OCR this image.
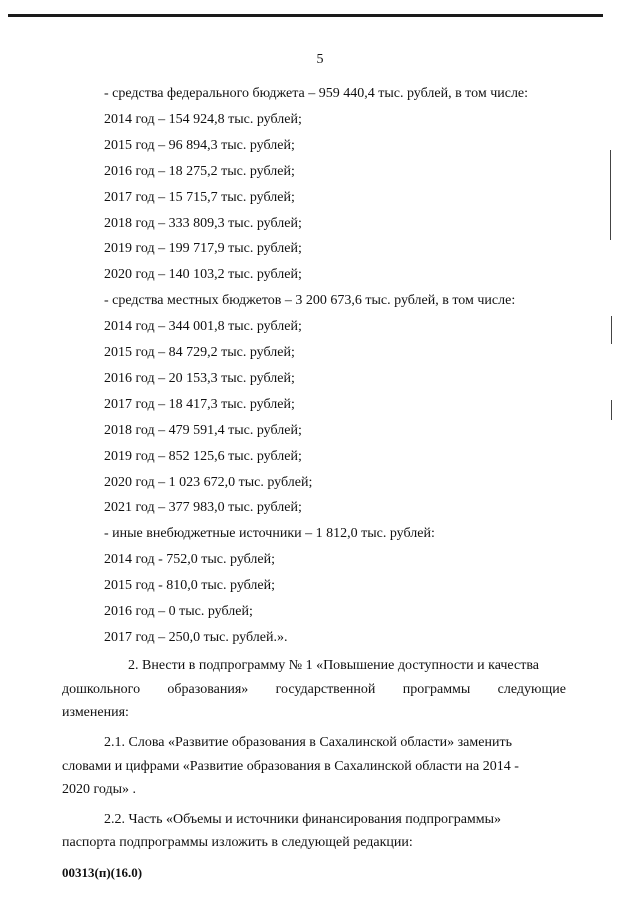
5
- средства федерального бюджета – 959 440,4 тыс. рублей, в том числе:
2014 год – 154 924,8 тыс. рублей;
2015 год – 96 894,3 тыс. рублей;
2016 год – 18 275,2 тыс. рублей;
2017 год – 15 715,7 тыс. рублей;
2018 год – 333 809,3 тыс. рублей;
2019 год – 199 717,9 тыс. рублей;
2020 год – 140 103,2 тыс. рублей;
- средства местных бюджетов – 3 200 673,6 тыс. рублей, в том числе:
2014 год – 344 001,8 тыс. рублей;
2015 год – 84 729,2 тыс. рублей;
2016 год – 20 153,3 тыс. рублей;
2017 год – 18 417,3 тыс. рублей;
2018 год – 479 591,4 тыс. рублей;
2019 год – 852 125,6 тыс. рублей;
2020 год – 1 023 672,0 тыс. рублей;
2021 год – 377 983,0 тыс. рублей;
- иные внебюджетные источники – 1 812,0 тыс. рублей:
2014 год - 752,0 тыс. рублей;
2015 год - 810,0 тыс. рублей;
2016 год – 0 тыс. рублей;
2017 год – 250,0 тыс. рублей.».
2. Внести в подпрограмму № 1 «Повышение доступности и качества
дошкольного образования» государственной программы следующие
изменения:
2.1. Слова «Развитие образования в Сахалинской области» заменить
словами и цифрами «Развитие образования в Сахалинской области на 2014 -
2020 годы» .
2.2. Часть «Объемы и источники финансирования подпрограммы»
паспорта подпрограммы изложить в следующей редакции:
00313(п)(16.0)
